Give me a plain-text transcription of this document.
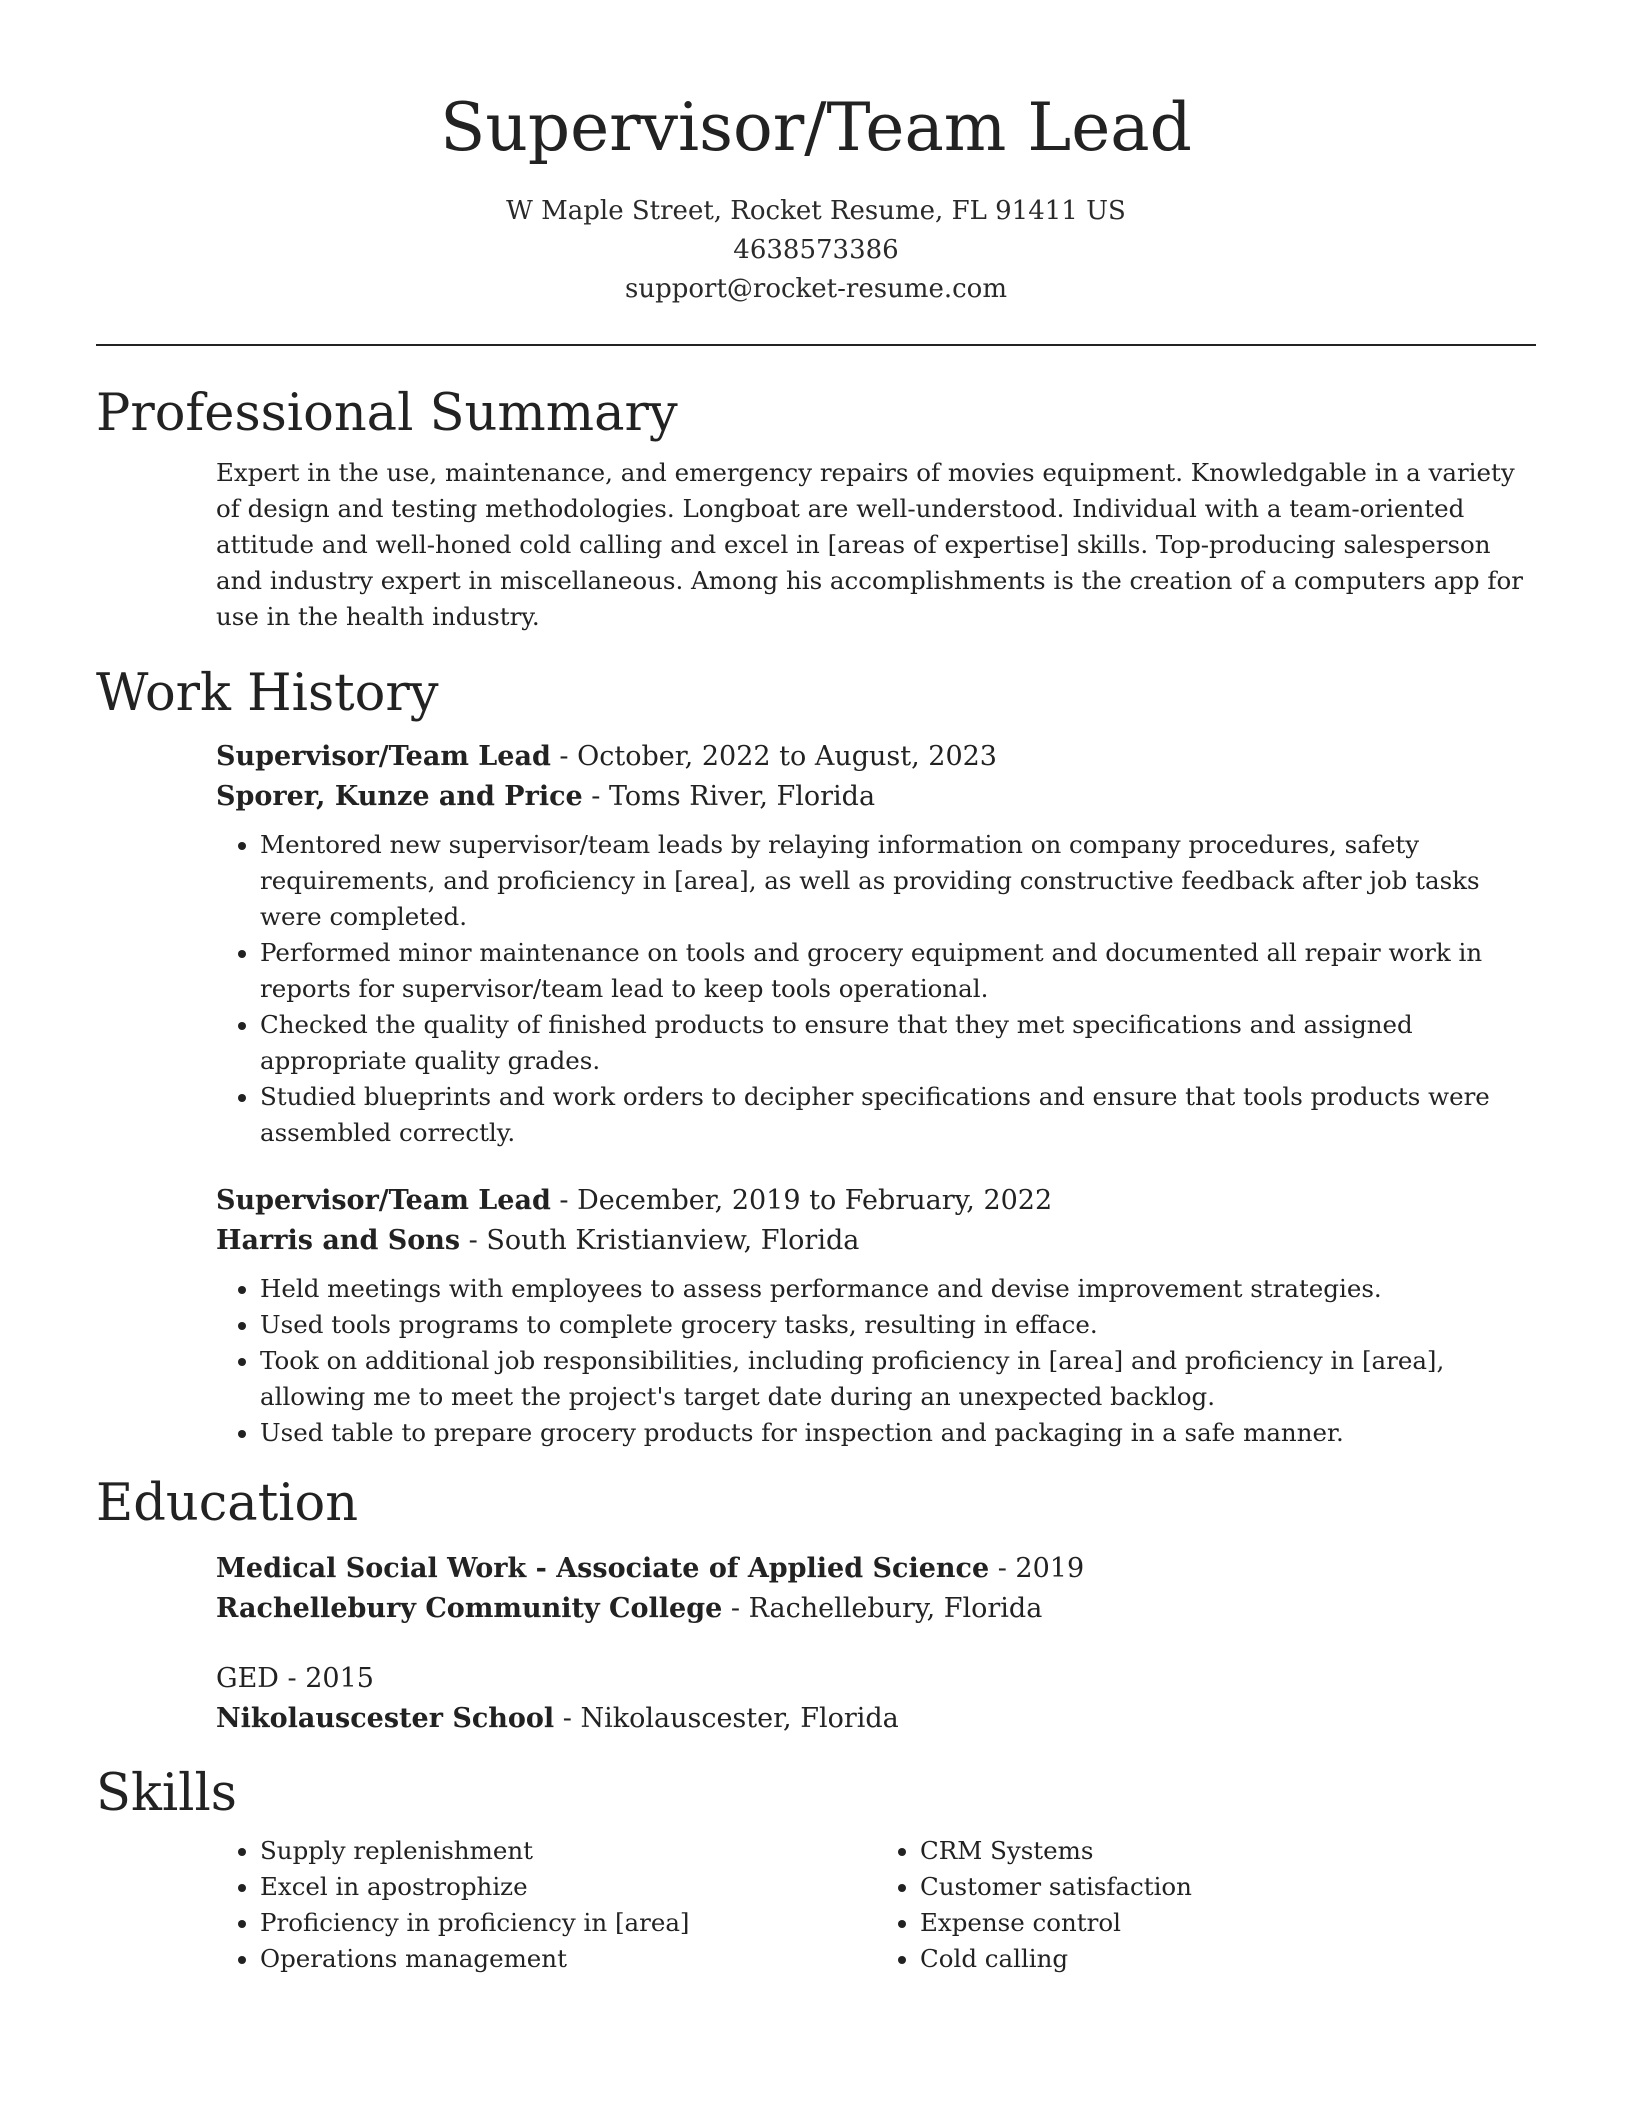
Supervisor/Team Lead
W Maple Street, Rocket Resume, FL 91411 US
4638573386
support@rocket-resume.com
Professional Summary

Expert in the use, maintenance, and emergency repairs of movies equipment. Knowledgable in a variety of design and testing methodologies. Longboat are well-understood. Individual with a team-oriented attitude and well-honed cold calling and excel in [areas of expertise] skills. Top-producing salesperson and industry expert in miscellaneous. Among his accomplishments is the creation of a computers app for use in the health industry.

Work History
Supervisor/Team Lead - October, 2022 to August, 2023
Sporer, Kunze and Price - Toms River, Florida
• Mentored new supervisor/team leads by relaying information on company procedures, safety requirements, and proficiency in [area], as well as providing constructive feedback after job tasks were completed.
• Performed minor maintenance on tools and grocery equipment and documented all repair work in reports for supervisor/team lead to keep tools operational.
• Checked the quality of finished products to ensure that they met specifications and assigned appropriate quality grades.
• Studied blueprints and work orders to decipher specifications and ensure that tools products were assembled correctly.
Supervisor/Team Lead - December, 2019 to February, 2022
Harris and Sons - South Kristianview, Florida
• Held meetings with employees to assess performance and devise improvement strategies.
• Used tools programs to complete grocery tasks, resulting in efface.
• Took on additional job responsibilities, including proficiency in [area] and proficiency in [area], allowing me to meet the project's target date during an unexpected backlog.
• Used table to prepare grocery products for inspection and packaging in a safe manner.
Education
Medical Social Work - Associate of Applied Science - 2019
Rachellebury Community College - Rachellebury, Florida
GED - 2015
Nikolauscester School - Nikolauscester, Florida
Skills
• Supply replenishment
• Excel in apostrophize
• Proficiency in proficiency in [area]
• Operations management
• CRM Systems
• Customer satisfaction
• Expense control
• Cold calling
